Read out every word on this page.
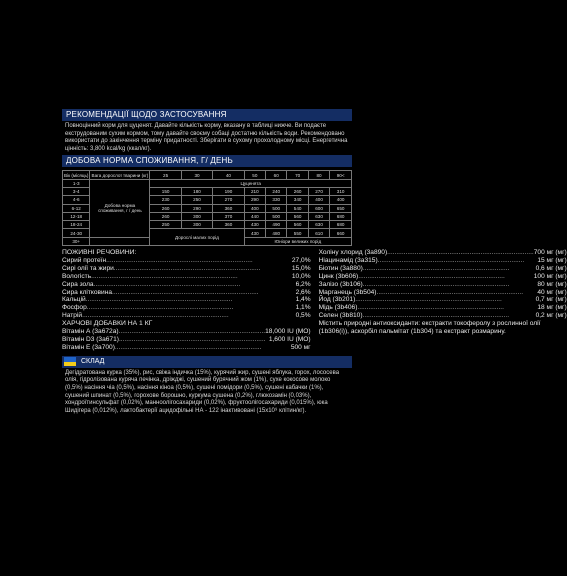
РЕКОМЕНДАЦІЇ ЩОДО ЗАСТОСУВАННЯ
Повноцінний корм для цуценят. Давайте кількість корму, вказану в таблиці нижче. Ви подаєте екструдованим сухим кормом, тому давайте своєму собаці достатню кількість води. Рекомендовано використати до закінчення терміну придатності. Зберігати в сухому прохолодному місці. Енергетична цінність: 3,800 kcal/kg (ккал/кг).
ДОБОВА НОРМА СПОЖИВАННЯ, Г/ ДЕНЬ
Вік (місяць)	Вага дорослої тварини (кг)	25	30	40	50	60	70	80	90<
1-3	Добова норма споживання, г / день	Цуценята							
3-4		150	180	190	210	240	260	270	310
4-6		230	250	270	290	330	340	400	400
6-12		260	290	360	400	500	540	600	650
12-18		260	300	370	440	500	560	630	680
18-24		250	300	360	430	490	560	630	680
24-30		Дорослі малих порід			430	480	550	610	660
30+					Юніори великих порід				
ПОЖИВНІ РЕЧОВИНИ:
Сирий протеїн .....	27,0%
Сирі олії та жири .....	15,0%
Вологість .....	10,0%
Сира зола .....	6,2%
Сира клітковина .....	2,6%
Кальцій .....	1,4%
Фосфор .....	1,1%
Натрій .....	0,5%
ХАРЧОВІ ДОБАВКИ НА 1 КГ
Вітамін А (3а672а) .....	18,000 IU (МО)
Вітамін D3 (3а671) .....	1,600 IU (МО)
Вітамін Е (3а700) .....	500 мг
Холіну хлорид (3а890) .....	700 мг (мг)
Ніацинамід (3а315) .....	15 мг (мг)
Біотин (3а880) .....	0,6 мг (мг)
Цинк (3b606) .....	100 мг (мг)
Залізо (3b106) .....	80 мг (мг)
Марганець (3b504) .....	40 мг (мг)
Йод (3b201) .....	0,7 мг (мг)
Мідь (3b406) .....	18 мг (мг)
Селен (3b810) .....	0,2 мг (мг)
Містить природні антиоксиданти: екстракти токоферолу з рослинної олії (1b306(i)), аскорбіл пальмітат (1b304) та екстракт розмарину.
СКЛАД
Дегідратована курка (35%), рис, свіжа індичка (15%), курячий жир, сушені яблука, горох, лососева олія, гідролізована куряча печінка, дріжджі, сушений бурячний жом (1%), сухе кокосове молоко (0,5%) насіння чіа (0,5%), насіння кіноа (0,5%), сушені помідори (0,5%), сушені кабачки (1%), сушений шпинат (0,5%), горохове борошно, куркума сушена (0,2%), глюкозамін (0,03%), хондроїтинсульфат (0,02%), манноолігосахариди (0,02%), фруктоолігосахариди (0,015%), юка Шидігера (0,012%), лактобактерії ацидофільні НА - 122 інактивовані (15x10⁹ клітин/кг).
